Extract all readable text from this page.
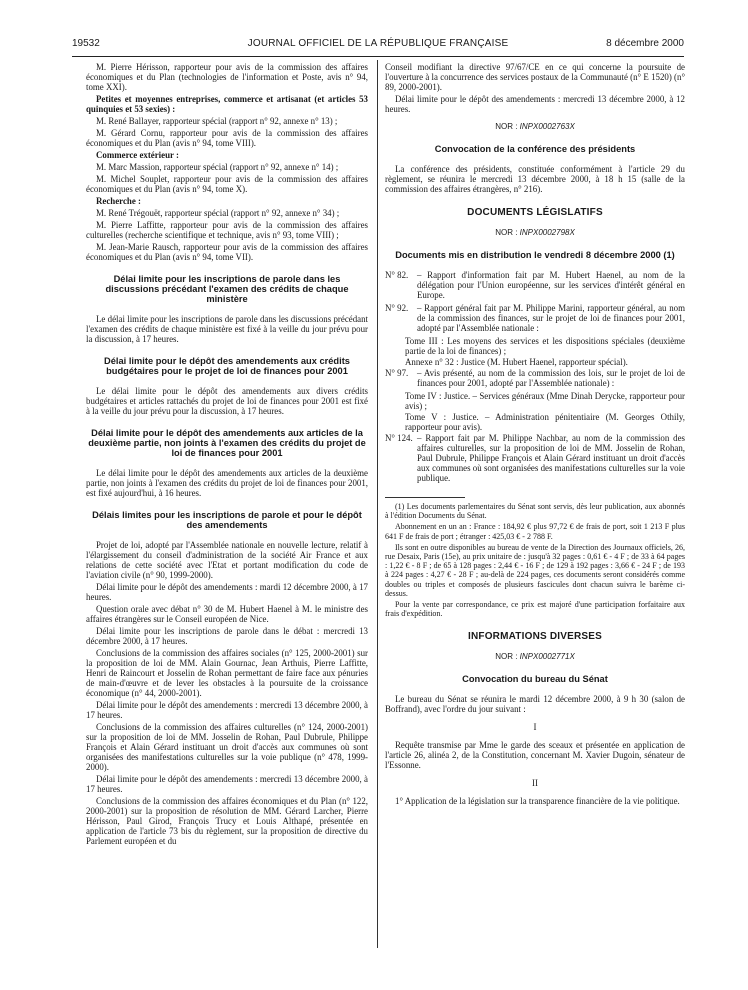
19532	JOURNAL OFFICIEL DE LA RÉPUBLIQUE FRANÇAISE	8 décembre 2000

M. Pierre Hérisson, rapporteur pour avis de la commission des affaires économiques et du Plan (technologies de l'information et Poste, avis n° 94, tome XXI).

Petites et moyennes entreprises, commerce et artisanat (et articles 53 quinquies et 53 sexies) :

M. René Ballayer, rapporteur spécial (rapport n° 92, annexe n° 13) ;

M. Gérard Cornu, rapporteur pour avis de la commission des affaires économiques et du Plan (avis n° 94, tome VIII).

Commerce extérieur :

M. Marc Massion, rapporteur spécial (rapport n° 92, annexe n° 14) ;

M. Michel Souplet, rapporteur pour avis de la commission des affaires économiques et du Plan (avis n° 94, tome X).

Recherche :

M. René Trégouët, rapporteur spécial (rapport n° 92, annexe n° 34) ;

M. Pierre Laffitte, rapporteur pour avis de la commission des affaires culturelles (recherche scientifique et technique, avis n° 93, tome VIII) ;

M. Jean-Marie Rausch, rapporteur pour avis de la commission des affaires économiques et du Plan (avis n° 94, tome VII).

Délai limite pour les inscriptions de parole dans les discussions précédant l'examen des crédits de chaque ministère

Le délai limite pour les inscriptions de parole dans les discussions précédant l'examen des crédits de chaque ministère est fixé à la veille du jour prévu pour la discussion, à 17 heures.

Délai limite pour le dépôt des amendements aux crédits budgétaires pour le projet de loi de finances pour 2001

Le délai limite pour le dépôt des amendements aux divers crédits budgétaires et articles rattachés du projet de loi de finances pour 2001 est fixé à la veille du jour prévu pour la discussion, à 17 heures.

Délai limite pour le dépôt des amendements aux articles de la deuxième partie, non joints à l'examen des crédits du projet de loi de finances pour 2001

Le délai limite pour le dépôt des amendements aux articles de la deuxième partie, non joints à l'examen des crédits du projet de loi de finances pour 2001, est fixé aujourd'hui, à 16 heures.

Délais limites pour les inscriptions de parole et pour le dépôt des amendements

Projet de loi, adopté par l'Assemblée nationale en nouvelle lecture, relatif à l'élargissement du conseil d'administration de la société Air France et aux relations de cette société avec l'Etat et portant modification du code de l'aviation civile (n° 90, 1999-2000).

Délai limite pour le dépôt des amendements : mardi 12 décembre 2000, à 17 heures.

Question orale avec débat n° 30 de M. Hubert Haenel à M. le ministre des affaires étrangères sur le Conseil européen de Nice.

Délai limite pour les inscriptions de parole dans le débat : mercredi 13 décembre 2000, à 17 heures.

Conclusions de la commission des affaires sociales (n° 125, 2000-2001) sur la proposition de loi de MM. Alain Gournac, Jean Arthuis, Pierre Laffitte, Henri de Raincourt et Josselin de Rohan permettant de faire face aux pénuries de main-d'œuvre et de lever les obstacles à la poursuite de la croissance économique (n° 44, 2000-2001).

Délai limite pour le dépôt des amendements : mercredi 13 décembre 2000, à 17 heures.

Conclusions de la commission des affaires culturelles (n° 124, 2000-2001) sur la proposition de loi de MM. Josselin de Rohan, Paul Dubrule, Philippe François et Alain Gérard instituant un droit d'accès aux communes où sont organisées des manifestations culturelles sur la voie publique (n° 478, 1999-2000).

Délai limite pour le dépôt des amendements : mercredi 13 décembre 2000, à 17 heures.

Conclusions de la commission des affaires économiques et du Plan (n° 122, 2000-2001) sur la proposition de résolution de MM. Gérard Larcher, Pierre Hérisson, Paul Girod, François Trucy et Louis Althapé, présentée en application de l'article 73 bis du règlement, sur la proposition de directive du Parlement européen et du

Conseil modifiant la directive 97/67/CE en ce qui concerne la poursuite de l'ouverture à la concurrence des services postaux de la Communauté (n° E 1520) (n° 89, 2000-2001).

Délai limite pour le dépôt des amendements : mercredi 13 décembre 2000, à 12 heures.

NOR : INPX0002763X
Convocation de la conférence des présidents

La conférence des présidents, constituée conformément à l'article 29 du règlement, se réunira le mercredi 13 décembre 2000, à 18 h 15 (salle de la commission des affaires étrangères, n° 216).

DOCUMENTS LÉGISLATIFS
NOR : INPX0002798X
Documents mis en distribution le vendredi 8 décembre 2000 (1)
N° 82. – Rapport d'information fait par M. Hubert Haenel, au nom de la délégation pour l'Union européenne, sur les services d'intérêt général en Europe.
N° 92. – Rapport général fait par M. Philippe Marini, rapporteur général, au nom de la commission des finances, sur le projet de loi de finances pour 2001, adopté par l'Assemblée nationale :
Tome III : Les moyens des services et les dispositions spéciales (deuxième partie de la loi de finances) ;
Annexe n° 32 : Justice (M. Hubert Haenel, rapporteur spécial).
N° 97. – Avis présenté, au nom de la commission des lois, sur le projet de loi de finances pour 2001, adopté par l'Assemblée nationale) :
Tome IV : Justice. – Services généraux (Mme Dinah Derycke, rapporteur pour avis) ;
Tome V : Justice. – Administration pénitentiaire (M. Georges Othily, rapporteur pour avis).
N° 124. – Rapport fait par M. Philippe Nachbar, au nom de la commission des affaires culturelles, sur la proposition de loi de MM. Josselin de Rohan, Paul Dubrule, Philippe François et Alain Gérard instituant un droit d'accès aux communes où sont organisées des manifestations culturelles sur la voie publique.

(1) Les documents parlementaires du Sénat sont servis, dès leur publication, aux abonnés à l'édition Documents du Sénat.

Abonnement en un an : France : 184,92 € plus 97,72 € de frais de port, soit 1 213 F plus 641 F de frais de port ; étranger : 425,03 € - 2 788 F.

Ils sont en outre disponibles au bureau de vente de la Direction des Journaux officiels, 26, rue Desaix, Paris (15e), au prix unitaire de : jusqu'à 32 pages : 0,61 € - 4 F ; de 33 à 64 pages : 1,22 € - 8 F ; de 65 à 128 pages : 2,44 € - 16 F ; de 129 à 192 pages : 3,66 € - 24 F ; de 193 à 224 pages : 4,27 € - 28 F ; au-delà de 224 pages, ces documents seront considérés comme doubles ou triples et composés de plusieurs fascicules dont chacun suivra le barème ci-dessus.

Pour la vente par correspondance, ce prix est majoré d'une participation forfaitaire aux frais d'expédition.

INFORMATIONS DIVERSES
NOR : INPX0002771X
Convocation du bureau du Sénat

Le bureau du Sénat se réunira le mardi 12 décembre 2000, à 9 h 30 (salon de Boffrand), avec l'ordre du jour suivant :

I

Requête transmise par Mme le garde des sceaux et présentée en application de l'article 26, alinéa 2, de la Constitution, concernant M. Xavier Dugoin, sénateur de l'Essonne.

II

1° Application de la législation sur la transparence financière de la vie politique.
